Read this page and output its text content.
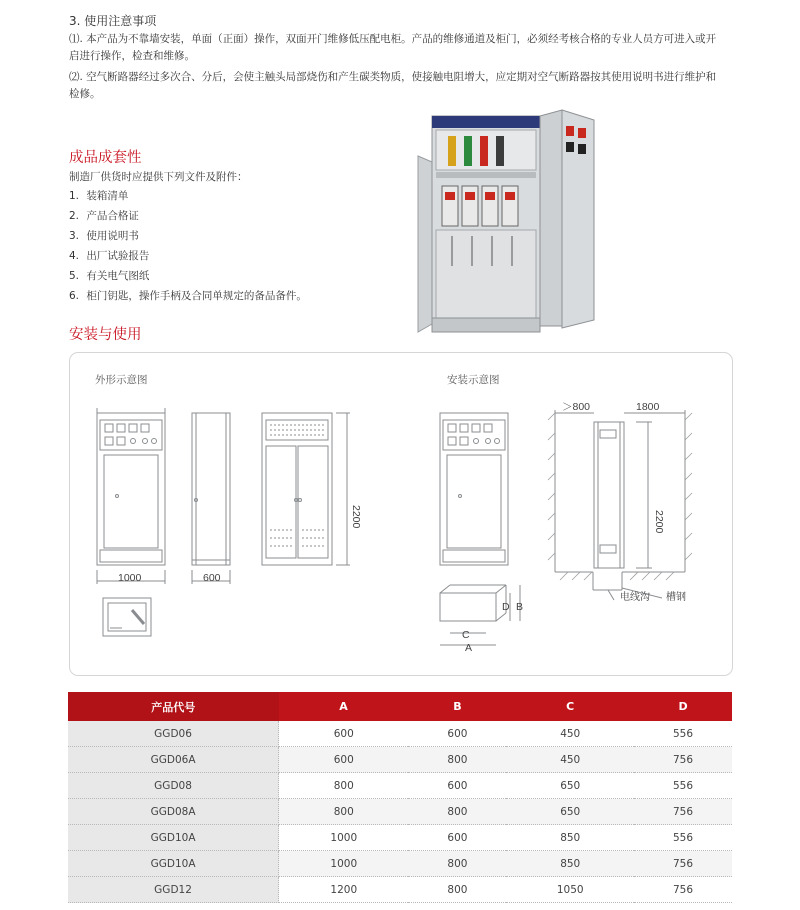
3. 使用注意事项
⑴. 本产品为不靠墙安装，单面（正面）操作，双面开门维修低压配电柜。产品的维修通道及柜门，必须经考核合格的专业人员方可进入或开
启进行操作，检查和维修。
⑵. 空气断路器经过多次合、分后，会使主触头局部烧伤和产生碳类物质，使接触电阻增大，应定期对空气断路器按其使用说明书进行维护和
检修。
成品成套性
制造厂供货时应提供下列文件及附件：
1. 装箱清单
2. 产品合格证
3. 使用说明书
4. 出厂试验报告
5. 有关电气图纸
6. 柜门钥匙，操作手柄及合同单规定的备品备件。
安装与使用
外形示意图	安装示意图
1000	600
2200
＞800	1800
2200
A
B
C
D
电线沟 槽钢
产品代号	A	B	C	D
GGD06	600	600	450	556
GGD06A	600	800	450	756
GGD08	800	600	650	556
GGD08A	800	800	650	756
GGD10A	1000	600	850	556
GGD10A	1000	800	850	756
GGD12	1200	800	1050	756
